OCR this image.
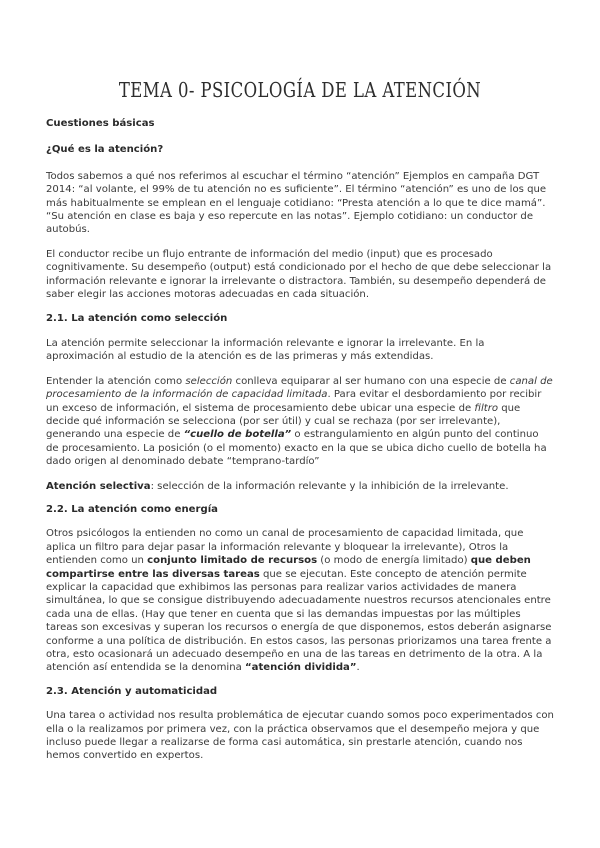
TEMA 0- PSICOLOGÍA DE LA ATENCIÓN

Cuestiones básicas

¿Qué es la atención?

Todos sabemos a qué nos referimos al escuchar el término “atención” Ejemplos en campaña DGT 2014: “al volante, el 99% de tu atención no es suficiente”. El término “atención” es uno de los que más habitualmente se emplean en el lenguaje cotidiano: “Presta atención a lo que te dice mamá”. “Su atención en clase es baja y eso repercute en las notas”. Ejemplo cotidiano: un conductor de autobús.

El conductor recibe un flujo entrante de información del medio (input) que es procesado cognitivamente. Su desempeño (output) está condicionado por el hecho de que debe seleccionar la información relevante e ignorar la irrelevante o distractora. También, su desempeño dependerá de saber elegir las acciones motoras adecuadas en cada situación.

2.1. La atención como selección

La atención permite seleccionar la información relevante e ignorar la irrelevante. En la aproximación al estudio de la atención es de las primeras y más extendidas.

Entender la atención como selección conlleva equiparar al ser humano con una especie de canal de procesamiento de la información de capacidad limitada. Para evitar el desbordamiento por recibir un exceso de información, el sistema de procesamiento debe ubicar una especie de filtro que decide qué información se selecciona (por ser útil) y cual se rechaza (por ser irrelevante), generando una especie de “cuello de botella” o estrangulamiento en algún punto del continuo de procesamiento. La posición (o el momento) exacto en la que se ubica dicho cuello de botella ha dado origen al denominado debate “temprano-tardío”

Atención selectiva: selección de la información relevante y la inhibición de la irrelevante.

2.2. La atención como energía

Otros psicólogos la entienden no como un canal de procesamiento de capacidad limitada, que aplica un filtro para dejar pasar la información relevante y bloquear la irrelevante), Otros la entienden como un conjunto limitado de recursos (o modo de energía limitado) que deben compartirse entre las diversas tareas que se ejecutan. Este concepto de atención permite explicar la capacidad que exhibimos las personas para realizar varios actividades de manera simultánea, lo que se consigue distribuyendo adecuadamente nuestros recursos atencionales entre cada una de ellas. (Hay que tener en cuenta que si las demandas impuestas por las múltiples tareas son excesivas y superan los recursos o energía de que disponemos, estos deberán asignarse conforme a una política de distribución. En estos casos, las personas priorizamos una tarea frente a otra, esto ocasionará un adecuado desempeño en una de las tareas en detrimento de la otra. A la atención así entendida se la denomina “atención dividida”.

2.3. Atención y automaticidad

Una tarea o actividad nos resulta problemática de ejecutar cuando somos poco experimentados con ella o la realizamos por primera vez, con la práctica observamos que el desempeño mejora y que incluso puede llegar a realizarse de forma casi automática, sin prestarle atención, cuando nos hemos convertido en expertos.
